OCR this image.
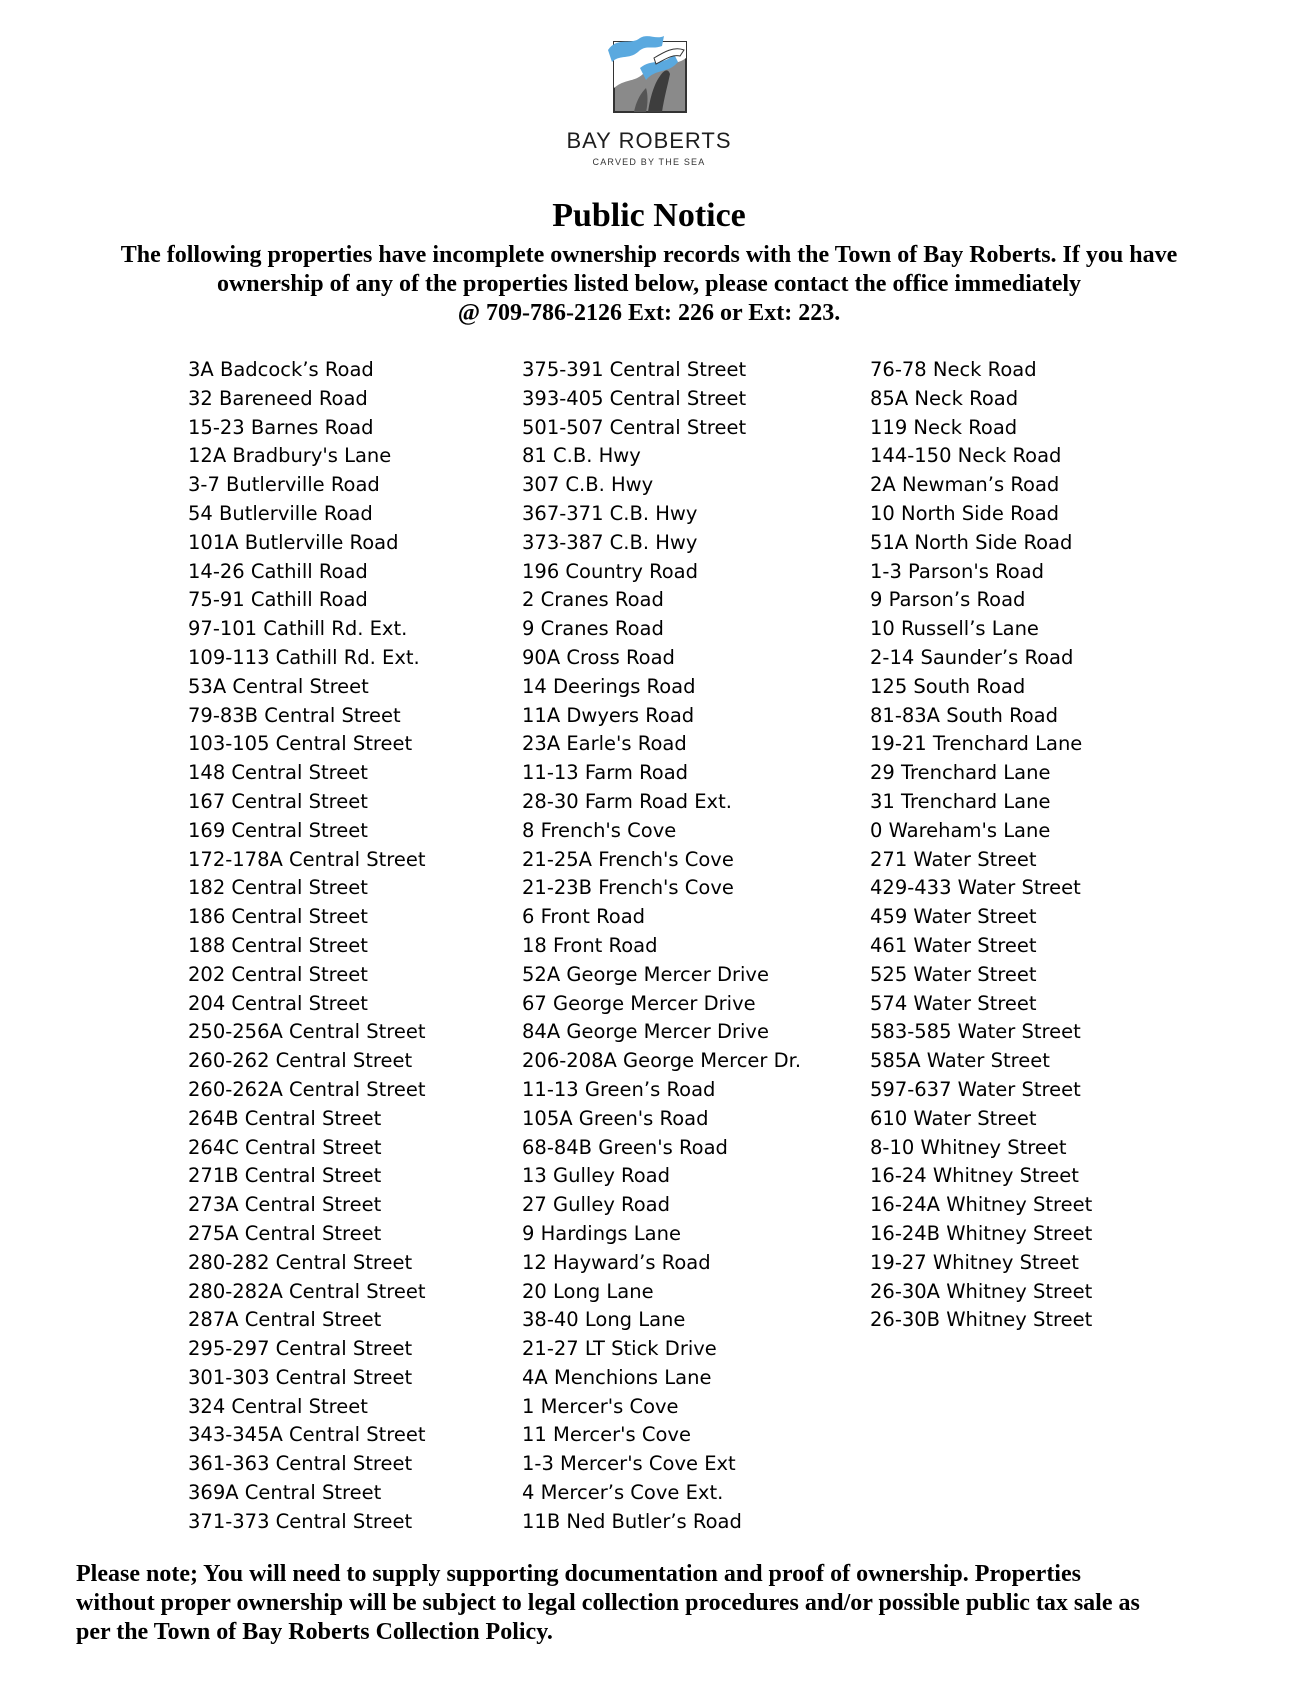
BAY ROBERTS
CARVED BY THE SEA
Public Notice

The following properties have incomplete ownership records with the Town of Bay Roberts. If you have
ownership of any of the properties listed below, please contact the office immediately
@ 709-786-2126 Ext: 226 or Ext: 223.

3A Badcock’s Road
32 Bareneed Road
15-23 Barnes Road
12A Bradbury's Lane
3-7 Butlerville Road
54 Butlerville Road
101A Butlerville Road
14-26 Cathill Road
75-91 Cathill Road
97-101 Cathill Rd. Ext.
109-113 Cathill Rd. Ext.
53A Central Street
79-83B Central Street
103-105 Central Street
148 Central Street
167 Central Street
169 Central Street
172-178A Central Street
182 Central Street
186 Central Street
188 Central Street
202 Central Street
204 Central Street
250-256A Central Street
260-262 Central Street
260-262A Central Street
264B Central Street
264C Central Street
271B Central Street
273A Central Street
275A Central Street
280-282 Central Street
280-282A Central Street
287A Central Street
295-297 Central Street
301-303 Central Street
324 Central Street
343-345A Central Street
361-363 Central Street
369A Central Street
371-373 Central Street
375-391 Central Street
393-405 Central Street
501-507 Central Street
81 C.B. Hwy
307 C.B. Hwy
367-371 C.B. Hwy
373-387 C.B. Hwy
196 Country Road
2 Cranes Road
9 Cranes Road
90A Cross Road
14 Deerings Road
11A Dwyers Road
23A Earle's Road
11-13 Farm Road
28-30 Farm Road Ext.
8 French's Cove
21-25A French's Cove
21-23B French's Cove
6 Front Road
18 Front Road
52A George Mercer Drive
67 George Mercer Drive
84A George Mercer Drive
206-208A George Mercer Dr.
11-13 Green’s Road
105A Green's Road
68-84B Green's Road
13 Gulley Road
27 Gulley Road
9 Hardings Lane
12 Hayward’s Road
20 Long Lane
38-40 Long Lane
21-27 LT Stick Drive
4A Menchions Lane
1 Mercer's Cove
11 Mercer's Cove
1-3 Mercer's Cove Ext
4 Mercer’s Cove Ext.
11B Ned Butler’s Road
76-78 Neck Road
85A Neck Road
119 Neck Road
144-150 Neck Road
2A Newman’s Road
10 North Side Road
51A North Side Road
1-3 Parson's Road
9 Parson’s Road
10 Russell’s Lane
2-14 Saunder’s Road
125 South Road
81-83A South Road
19-21 Trenchard Lane
29 Trenchard Lane
31 Trenchard Lane
0 Wareham's Lane
271 Water Street
429-433 Water Street
459 Water Street
461 Water Street
525 Water Street
574 Water Street
583-585 Water Street
585A Water Street
597-637 Water Street
610 Water Street
8-10 Whitney Street
16-24 Whitney Street
16-24A Whitney Street
16-24B Whitney Street
19-27 Whitney Street
26-30A Whitney Street
26-30B Whitney Street

Please note; You will need to supply supporting documentation and proof of ownership. Properties
without proper ownership will be subject to legal collection procedures and/or possible public tax sale as
per the Town of Bay Roberts Collection Policy.
